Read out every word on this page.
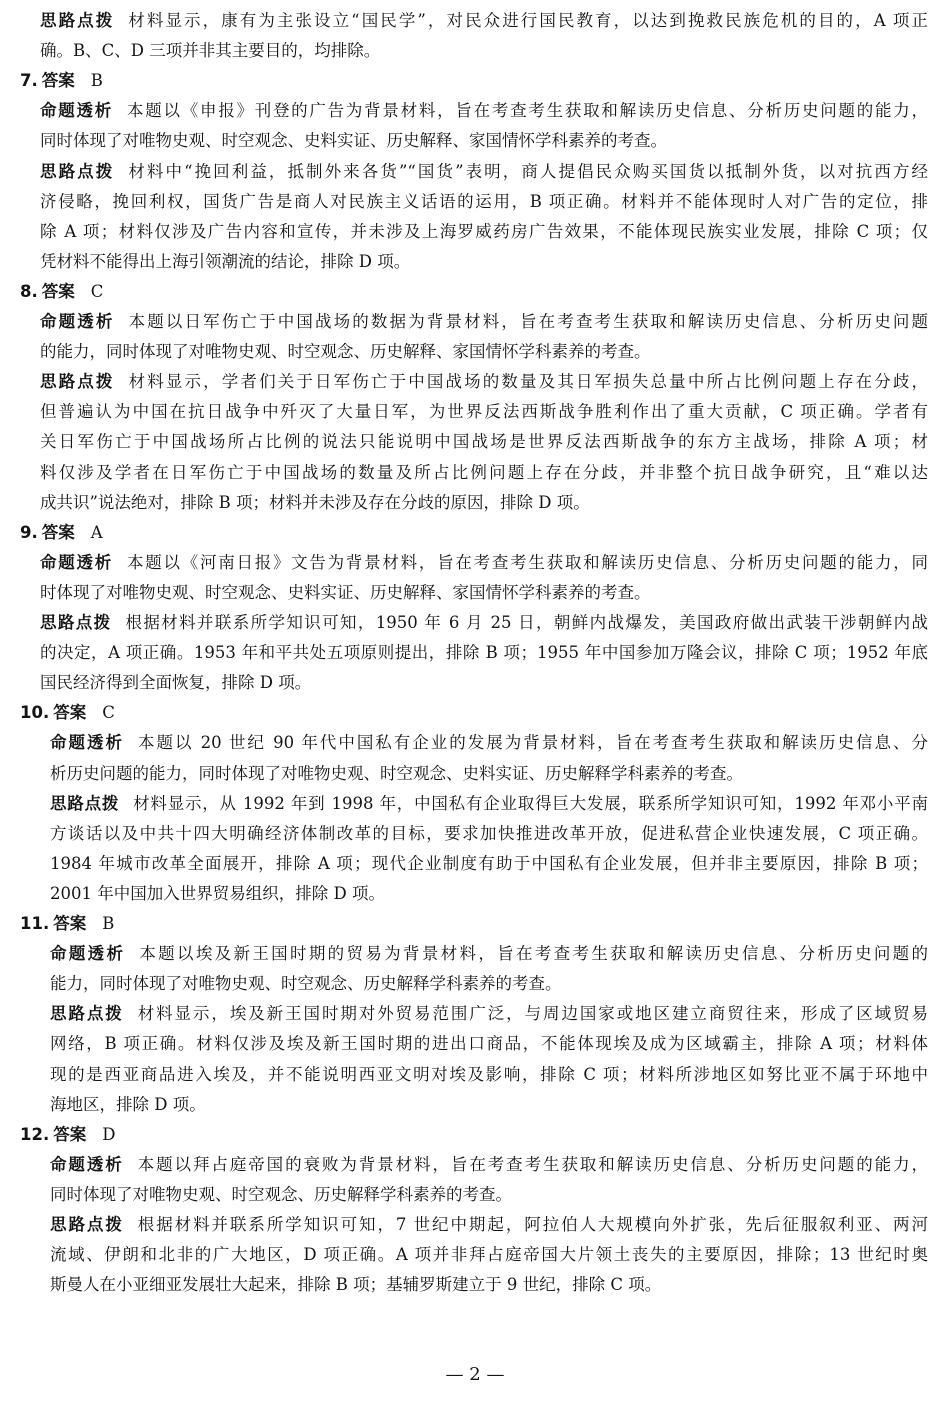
思路点拨 材料显示，康有为主张设立“国民学”，对民众进行国民教育，以达到挽救民族危机的目的，A 项正
确。B、C、D 三项并非其主要目的，均排除。
7. 答案 B
命题透析 本题以《申报》刊登的广告为背景材料，旨在考查考生获取和解读历史信息、分析历史问题的能力，
同时体现了对唯物史观、时空观念、史料实证、历史解释、家国情怀学科素养的考查。
思路点拨 材料中“挽回利益，抵制外来各货”“国货”表明，商人提倡民众购买国货以抵制外货，以对抗西方经
济侵略，挽回利权，国货广告是商人对民族主义话语的运用，B 项正确。材料并不能体现时人对广告的定位，排
除 A 项；材料仅涉及广告内容和宣传，并未涉及上海罗威药房广告效果，不能体现民族实业发展，排除 C 项；仅
凭材料不能得出上海引领潮流的结论，排除 D 项。
8. 答案 C
命题透析 本题以日军伤亡于中国战场的数据为背景材料，旨在考查考生获取和解读历史信息、分析历史问题
的能力，同时体现了对唯物史观、时空观念、历史解释、家国情怀学科素养的考查。
思路点拨 材料显示，学者们关于日军伤亡于中国战场的数量及其日军损失总量中所占比例问题上存在分歧，
但普遍认为中国在抗日战争中歼灭了大量日军，为世界反法西斯战争胜利作出了重大贡献，C 项正确。学者有
关日军伤亡于中国战场所占比例的说法只能说明中国战场是世界反法西斯战争的东方主战场，排除 A 项；材
料仅涉及学者在日军伤亡于中国战场的数量及所占比例问题上存在分歧，并非整个抗日战争研究，且“难以达
成共识”说法绝对，排除 B 项；材料并未涉及存在分歧的原因，排除 D 项。
9. 答案 A
命题透析 本题以《河南日报》文告为背景材料，旨在考查考生获取和解读历史信息、分析历史问题的能力，同
时体现了对唯物史观、时空观念、史料实证、历史解释、家国情怀学科素养的考查。
思路点拨 根据材料并联系所学知识可知，1950 年 6 月 25 日，朝鲜内战爆发，美国政府做出武装干涉朝鲜内战
的决定，A 项正确。1953 年和平共处五项原则提出，排除 B 项；1955 年中国参加万隆会议，排除 C 项；1952 年底
国民经济得到全面恢复，排除 D 项。
10. 答案 C
命题透析 本题以 20 世纪 90 年代中国私有企业的发展为背景材料，旨在考查考生获取和解读历史信息、分
析历史问题的能力，同时体现了对唯物史观、时空观念、史料实证、历史解释学科素养的考查。
思路点拨 材料显示，从 1992 年到 1998 年，中国私有企业取得巨大发展，联系所学知识可知，1992 年邓小平南
方谈话以及中共十四大明确经济体制改革的目标，要求加快推进改革开放，促进私营企业快速发展，C 项正确。
1984 年城市改革全面展开，排除 A 项；现代企业制度有助于中国私有企业发展，但并非主要原因，排除 B 项；
2001 年中国加入世界贸易组织，排除 D 项。
11. 答案 B
命题透析 本题以埃及新王国时期的贸易为背景材料，旨在考查考生获取和解读历史信息、分析历史问题的
能力，同时体现了对唯物史观、时空观念、历史解释学科素养的考查。
思路点拨 材料显示，埃及新王国时期对外贸易范围广泛，与周边国家或地区建立商贸往来，形成了区域贸易
网络，B 项正确。材料仅涉及埃及新王国时期的进出口商品，不能体现埃及成为区域霸主，排除 A 项；材料体
现的是西亚商品进入埃及，并不能说明西亚文明对埃及影响，排除 C 项；材料所涉地区如努比亚不属于环地中
海地区，排除 D 项。
12. 答案 D
命题透析 本题以拜占庭帝国的衰败为背景材料，旨在考查考生获取和解读历史信息、分析历史问题的能力，
同时体现了对唯物史观、时空观念、历史解释学科素养的考查。
思路点拨 根据材料并联系所学知识可知，7 世纪中期起，阿拉伯人大规模向外扩张，先后征服叙利亚、两河
流域、伊朗和北非的广大地区，D 项正确。A 项并非拜占庭帝国大片领土丧失的主要原因，排除；13 世纪时奥
斯曼人在小亚细亚发展壮大起来，排除 B 项；基辅罗斯建立于 9 世纪，排除 C 项。
— 2 —
